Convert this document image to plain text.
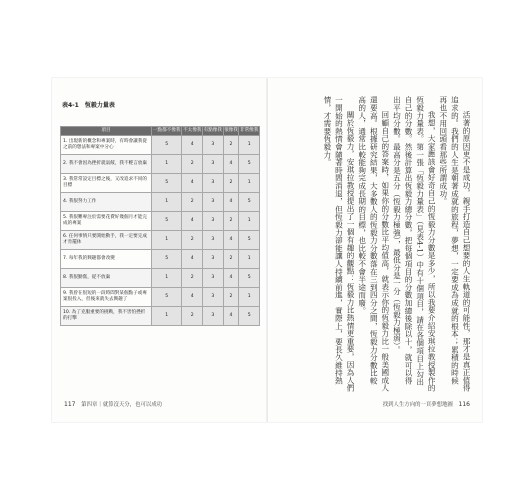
表4-1　恆毅力量表
項目	一點都不像我	不太像我	有點像我	很像我	非常像我
1. 出現新的概念和專案時，有時會讓我從之前的想法和專案中分心	5	4	3	2	1
2. 我不會因為挫折就氣餒，我不輕言放棄	1	2	3	4	5
3. 我常常設定目標之後，又改追求不同的目標	5	4	3	2	1
4. 我很努力工作	1	2	3	4	5
5. 我很難專注於需要花費好幾個月才能完成的專案	5	4	3	2	1
6. 任何事情只要開始動手，我一定要完成才肯罷休	1	2	3	4	5
7. 每年我的興趣都會改變	5	4	3	2	1
8. 我很勤奮，從不放棄	1	2	3	4	5
9. 我曾在很短的一段時間對某個點子或專案很投入，但後來就失去興趣了	5	4	3	2	1
10. 為了克服重要的挑戰，我不害怕挫折的打擊	1	2	3	4	5
117 第四章｜就算沒天分，也可以成功

活著的原因更不是成功，親手打造自己想要的人生軌道的可能性，那才是真正值得追求的。我們的人生是朝著成就的旅程，夢想，一定要成為成就的根本；累積的時候再也不用回頭看那些所謂成功。

我想，大家應該會好奇自己的恆毅力分數是多少，所以我要介紹安琪拉教授製作的恆毅力量表。第一張「恆毅力量表」（見表4-1）中有十個項目，請在各個項目上勾出自己的分數。然後計算出恆毅力總分數，把每個項目的分數加總後除以十，就可以得出平均分數。最高分是五分（恆毅力極強），最低分是一分（恆毅力極弱）。

回顧自己的答案時，如果你的分數比平均值高，就表示你的恆毅力比一般美國成人還要高。根據研究結果，大多數人的恆毅力分數落在三到四分之間，恆毅力分數比較高的人，通常比較能夠完成長期的目標，也比較不會半途而廢。

關於恆毅力，安琪拉教授提出了一個有趣的觀點：恆毅力比熱情更重要，因為人們一開始的熱情會隨著時間消退，但恆毅力卻能讓人持續前進，實際上，要長久維持熱情，才需要恆毅力。

找到人生方向的一頁夢想地圖 116
